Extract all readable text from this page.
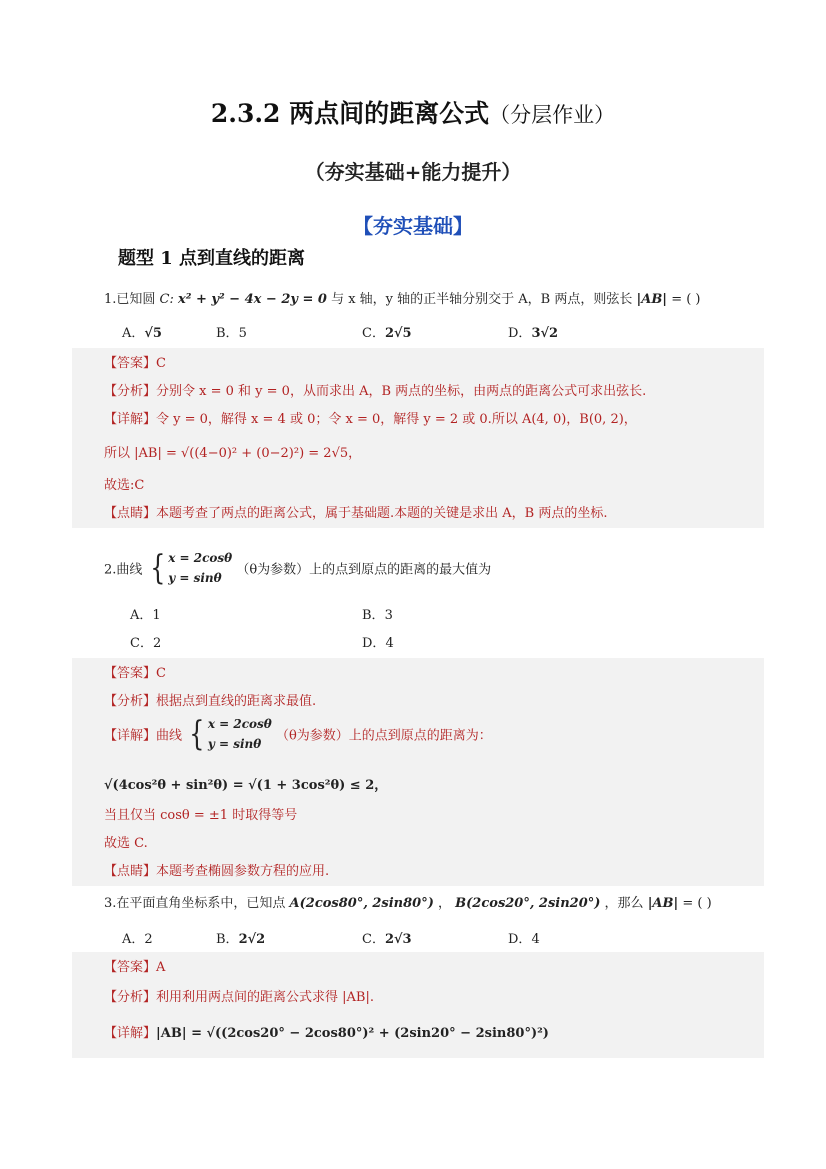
2.3.2 两点间的距离公式（分层作业）
（夯实基础+能力提升）
【夯实基础】
题型 1 点到直线的距离
1.已知圆 C: x² + y² − 4x − 2y = 0 与 x 轴，y 轴的正半轴分别交于 A，B 两点，则弦长 |AB| = ( )
A．√5	B．5	C．2√5	D．3√2
【答案】C
【分析】分别令 x = 0 和 y = 0，从而求出 A，B 两点的坐标，由两点的距离公式可求出弦长.
【详解】令 y = 0，解得 x = 4 或 0；令 x = 0，解得 y = 2 或 0.所以 A(4, 0)，B(0, 2)，
所以 |AB| = √((4−0)² + (0−2)²) = 2√5，
故选:C
【点睛】本题考查了两点的距离公式，属于基础题.本题的关键是求出 A，B 两点的坐标.
2.曲线 { x = 2cosθ
y = sinθ （θ为参数）上的点到原点的距离的最大值为
A．1	B．3
C．2	D．4
【答案】C
【分析】根据点到直线的距离求最值.
【详解】曲线 { x = 2cosθ
y = sinθ （θ为参数）上的点到原点的距离为：
√(4cos²θ + sin²θ) = √(1 + 3cos²θ) ≤ 2，
当且仅当 cosθ = ±1 时取得等号
故选 C.
【点睛】本题考查椭圆参数方程的应用.
3.在平面直角坐标系中，已知点 A(2cos80°, 2sin80°) ， B(2cos20°, 2sin20°) ，那么 |AB| = ( )
A．2	B．2√2	C．2√3	D．4
【答案】A
【分析】利用利用两点间的距离公式求得 |AB|.
【详解】|AB| = √((2cos20° − 2cos80°)² + (2sin20° − 2sin80°)²)
